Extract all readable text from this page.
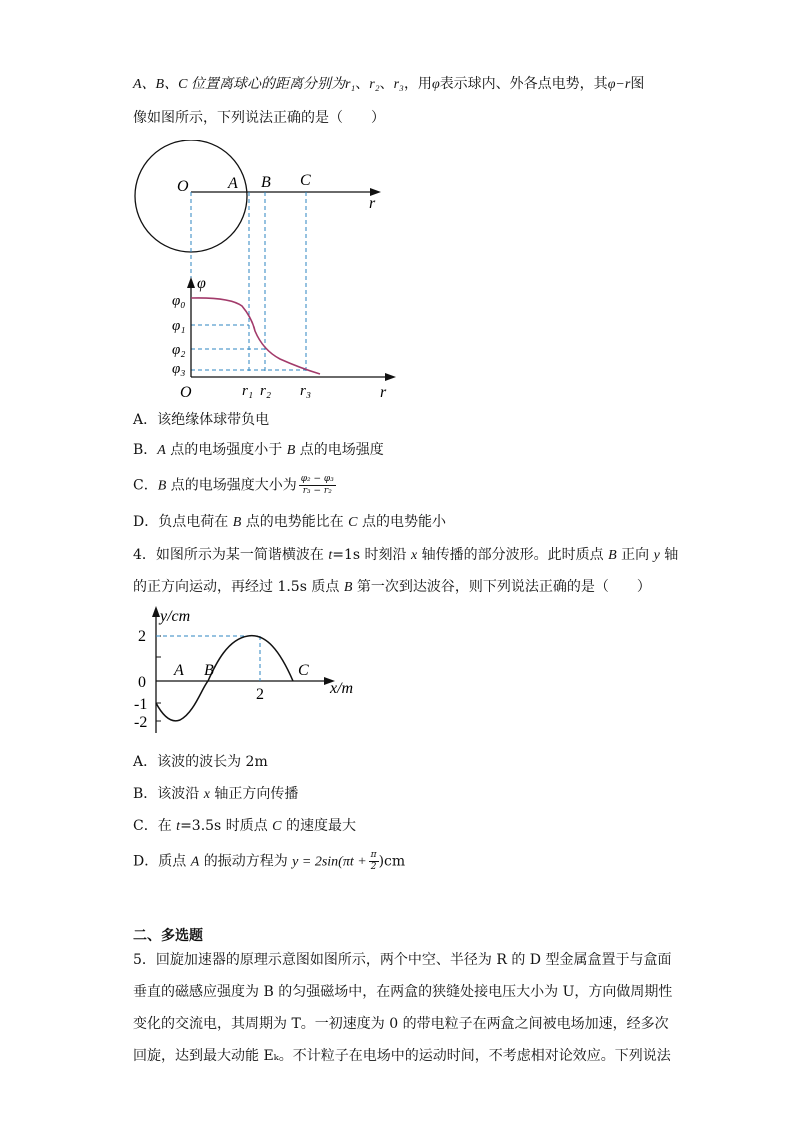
A、B、C 位置离球心的距离分别为r₁、r₂、r₃，用φ表示球内、外各点电势，其φ−r图
像如图所示，下列说法正确的是（　　）
O A B C
r
φ
φ₀
φ₁
φ₂
φ₃
O	r₁ r₂ r₃	r
A．该绝缘体球带负电
B．A 点的电场强度小于 B 点的电场强度
C．B 点的电场强度大小为 $\frac{\text{φ₂ − φ₃}}{\text{r₃ − r₂}}$
D．负点电荷在 B 点的电势能比在 C 点的电势能小
4．如图所示为某一简谐横波在 t=1s 时刻沿 x 轴传播的部分波形。此时质点 B 正向 y 轴
的正方向运动，再经过 1.5s 质点 B 第一次到达波谷，则下列说法正确的是（　　）
y/cm
2
0
-1
-2
A B	C
2	x/m
A．该波的波长为 2m
B．该波沿 x 轴正方向传播
C．在 t=3.5s 时质点 C 的速度最大
D．质点 A 的振动方程为 $y = 2\sin(\pi t + \frac{\pi}{2} )cm$
二、多选题
5．回旋加速器的原理示意图如图所示，两个中空、半径为 R 的 D 型金属盒置于与盒面
垂直的磁感应强度为 B 的匀强磁场中，在两盒的狭缝处接电压大小为 U，方向做周期性
变化的交流电，其周期为 T。一初速度为 0 的带电粒子在两盒之间被电场加速，经多次
回旋，达到最大动能 Eₖ。不计粒子在电场中的运动时间，不考虑相对论效应。下列说法
